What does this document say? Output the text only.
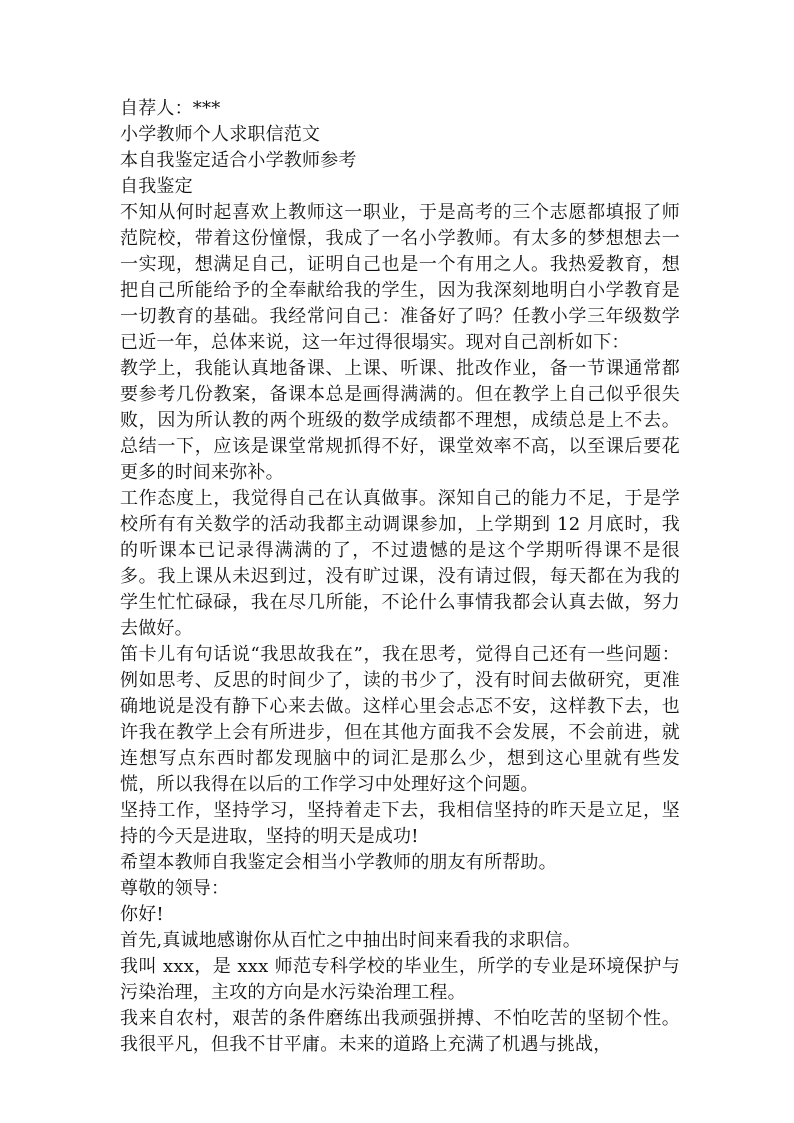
自荐人：***

小学教师个人求职信范文

本自我鉴定适合小学教师参考

自我鉴定

不知从何时起喜欢上教师这一职业，于是高考的三个志愿都填报了师范院校，带着这份憧憬，我成了一名小学教师。有太多的梦想想去一一实现，想满足自己，证明自己也是一个有用之人。我热爱教育，想把自己所能给予的全奉献给我的学生，因为我深刻地明白小学教育是一切教育的基础。我经常问自己：准备好了吗？任教小学三年级数学已近一年，总体来说，这一年过得很塌实。现对自己剖析如下：

教学上，我能认真地备课、上课、听课、批改作业，备一节课通常都要参考几份教案，备课本总是画得满满的。但在教学上自己似乎很失败，因为所认教的两个班级的数学成绩都不理想，成绩总是上不去。总结一下，应该是课堂常规抓得不好，课堂效率不高，以至课后要花更多的时间来弥补。

工作态度上，我觉得自己在认真做事。深知自己的能力不足，于是学校所有有关数学的活动我都主动调课参加，上学期到 12 月底时，我的听课本已记录得满满的了，不过遗憾的是这个学期听得课不是很多。我上课从未迟到过，没有旷过课，没有请过假，每天都在为我的学生忙忙碌碌，我在尽几所能，不论什么事情我都会认真去做，努力去做好。

笛卡儿有句话说“我思故我在”，我在思考，觉得自己还有一些问题：例如思考、反思的时间少了，读的书少了，没有时间去做研究，更准确地说是没有静下心来去做。这样心里会忐忑不安，这样教下去，也许我在教学上会有所进步，但在其他方面我不会发展，不会前进，就连想写点东西时都发现脑中的词汇是那么少，想到这心里就有些发慌，所以我得在以后的工作学习中处理好这个问题。

坚持工作，坚持学习，坚持着走下去，我相信坚持的昨天是立足，坚持的今天是进取，坚持的明天是成功!

希望本教师自我鉴定会相当小学教师的朋友有所帮助。

尊敬的领导：

你好!

首先,真诚地感谢你从百忙之中抽出时间来看我的求职信。

我叫 xxx，是 xxx 师范专科学校的毕业生，所学的专业是环境保护与污染治理，主攻的方向是水污染治理工程。

我来自农村，艰苦的条件磨练出我顽强拼搏、不怕吃苦的坚韧个性。我很平凡，但我不甘平庸。未来的道路上充满了机遇与挑战，
